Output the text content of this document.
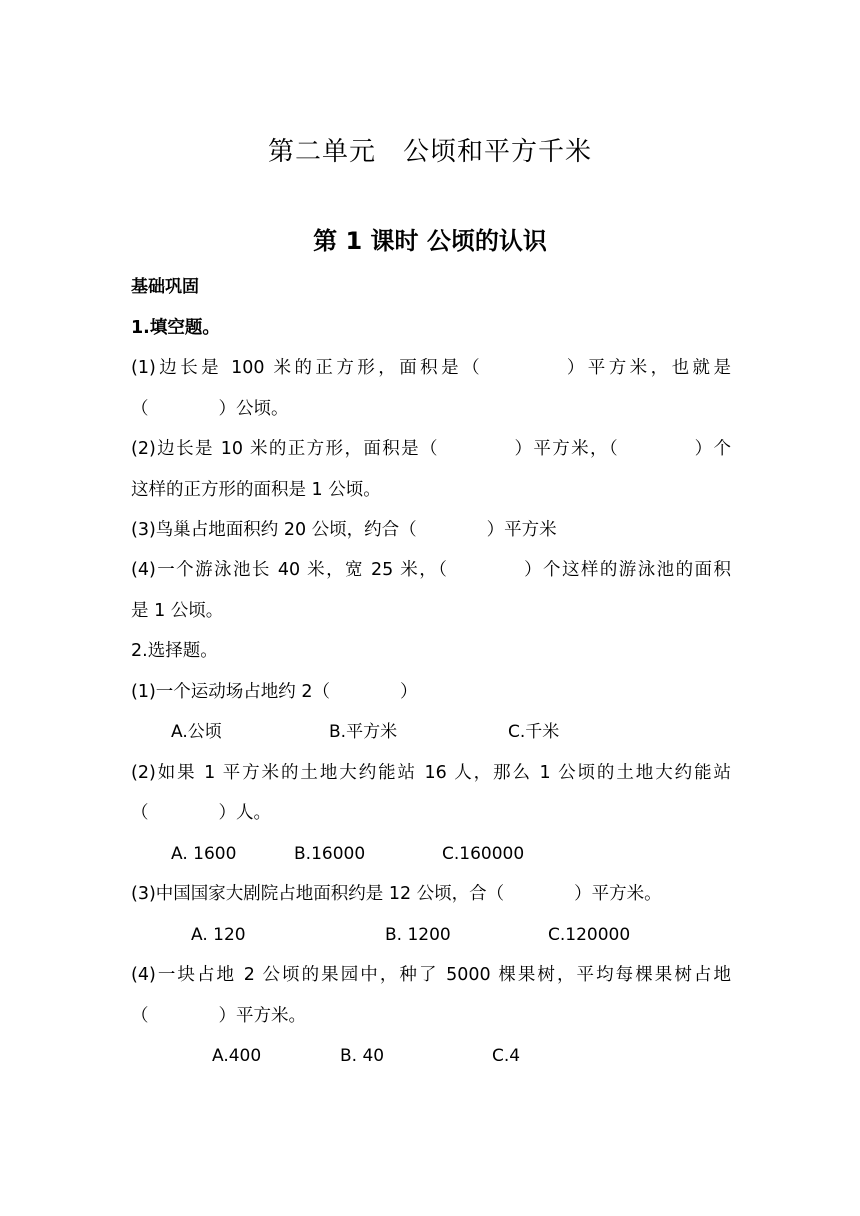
第二单元　公顷和平方千米
第 1 课时 公顷的认识
基础巩固
1.填空题。
(1)边长是 100 米的正方形，面积是（　　　　）平方米，也就是
（　　　　）公顷。
(2)边长是 10 米的正方形，面积是（　　　　）平方米，（　　　　）个
这样的正方形的面积是 1 公顷。
(3)鸟巢占地面积约 20 公顷，约合（　　　　）平方米
(4)一个游泳池长 40 米，宽 25 米，（　　　　）个这样的游泳池的面积
是 1 公顷。
2.选择题。
(1)一个运动场占地约 2（　　　　）
A.公顷	B.平方米	C.千米
(2)如果 1 平方米的土地大约能站 16 人，那么 1 公顷的土地大约能站
（　　　　）人。
A. 1600	B.16000	C.160000
(3)中国国家大剧院占地面积约是 12 公顷，合（　　　　）平方米。
A. 120	B. 1200	C.120000
(4)一块占地 2 公顷的果园中，种了 5000 棵果树，平均每棵果树占地
（　　　　）平方米。
A.400	B. 40	C.4
